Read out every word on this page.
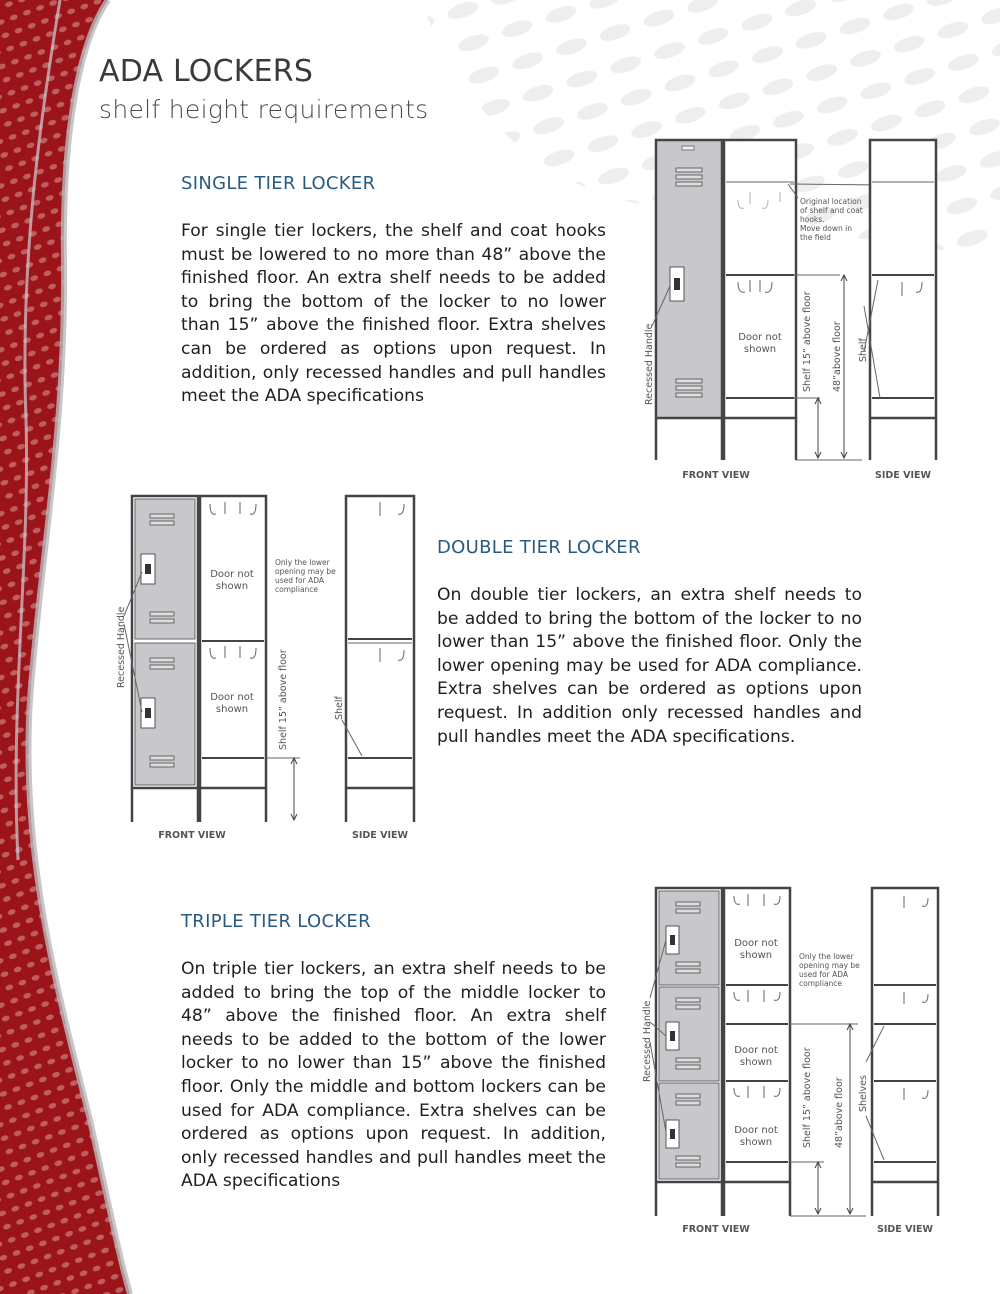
ADA LOCKERS
shelf height requirements
SINGLE TIER LOCKER

For single tier lockers, the shelf and coat hooks must be lowered to no more than 48” above the finished floor. An extra shelf needs to be added to bring the bottom of the locker to no lower than 15” above the finished floor. Extra shelves can be ordered as options upon request. In addition, only recessed handles and pull handles meet the ADA specifications

DOUBLE TIER LOCKER

On double tier lockers, an extra shelf needs to be added to bring the bottom of the locker to no lower than 15” above the finished floor. Only the lower opening may be used for ADA compliance. Extra shelves can be ordered as options upon request. In addition only recessed handles and pull handles meet the ADA specifications.

TRIPLE TIER LOCKER

On triple tier lockers, an extra shelf needs to be added to bring the top of the middle locker to 48” above the finished floor. An extra shelf needs to be added to the bottom of the lower locker to no lower than 15” above the finished floor. Only the middle and bottom lockers can be used for ADA compliance. Extra shelves can be ordered as options upon request. In addition, only recessed handles and pull handles meet the ADA specifications

Door not
shown
Recessed Handle
Original location
of shelf and coat
hooks.
Move down in
the field
Shelf 15” above floor 48”above floor Shelf
FRONT VIEW	SIDE VIEW
Door not
shown
Door not
shown
Recessed Handle
Only the lower
opening may be
used for ADA
compliance
Shelf 15” above floor	Shelf
FRONT VIEW	SIDE VIEW
Door not
shown
Door not
shown
Door not
shown
Recessed Handle
Only the lower
opening may be
used for ADA
compliance
Shelf 15” above floor 48”above floor Shelves
FRONT VIEW	SIDE VIEW
